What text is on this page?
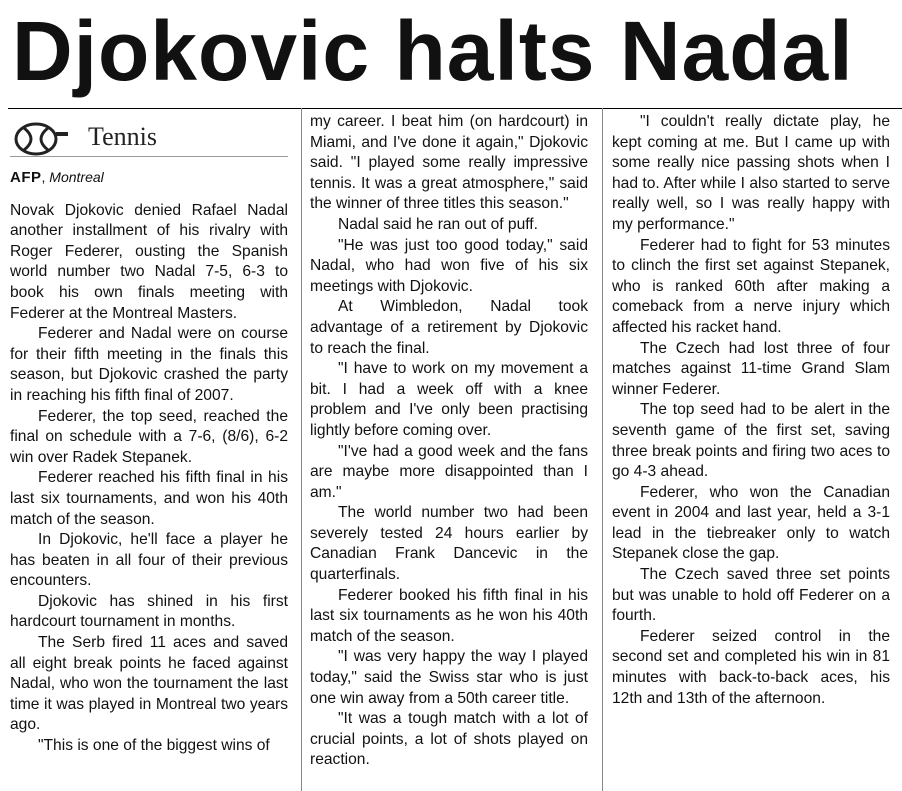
Djokovic halts Nadal
Tennis
AFP, Montreal

Novak Djokovic denied Rafael Nadal another installment of his rivalry with Roger Federer, ousting the Spanish world number two Nadal 7-5, 6-3 to book his own finals meeting with Federer at the Montreal Masters.

Federer and Nadal were on course for their fifth meeting in the finals this season, but Djokovic crashed the party in reaching his fifth final of 2007.

Federer, the top seed, reached the final on schedule with a 7-6, (8/6), 6-2 win over Radek Stepanek.

Federer reached his fifth final in his last six tournaments, and won his 40th match of the season.

In Djokovic, he'll face a player he has beaten in all four of their previous encounters.

Djokovic has shined in his first hardcourt tournament in months.

The Serb fired 11 aces and saved all eight break points he faced against Nadal, who won the tournament the last time it was played in Montreal two years ago.

"This is one of the biggest wins of

my career. I beat him (on hardcourt) in Miami, and I've done it again," Djokovic said. "I played some really impressive tennis. It was a great atmosphere," said the winner of three titles this season."

Nadal said he ran out of puff.

"He was just too good today," said Nadal, who had won five of his six meetings with Djokovic.

At Wimbledon, Nadal took advantage of a retirement by Djokovic to reach the final.

"I have to work on my movement a bit. I had a week off with a knee problem and I've only been practising lightly before coming over.

"I've had a good week and the fans are maybe more disappointed than I am."

The world number two had been severely tested 24 hours earlier by Canadian Frank Dancevic in the quarterfinals.

Federer booked his fifth final in his last six tournaments as he won his 40th match of the season.

"I was very happy the way I played today," said the Swiss star who is just one win away from a 50th career title.

"It was a tough match with a lot of crucial points, a lot of shots played on reaction.

"I couldn't really dictate play, he kept coming at me. But I came up with some really nice passing shots when I had to. After while I also started to serve really well, so I was really happy with my performance."

Federer had to fight for 53 minutes to clinch the first set against Stepanek, who is ranked 60th after making a comeback from a nerve injury which affected his racket hand.

The Czech had lost three of four matches against 11-time Grand Slam winner Federer.

The top seed had to be alert in the seventh game of the first set, saving three break points and firing two aces to go 4-3 ahead.

Federer, who won the Canadian event in 2004 and last year, held a 3-1 lead in the tiebreaker only to watch Stepanek close the gap.

The Czech saved three set points but was unable to hold off Federer on a fourth.

Federer seized control in the second set and completed his win in 81 minutes with back-to-back aces, his 12th and 13th of the afternoon.
